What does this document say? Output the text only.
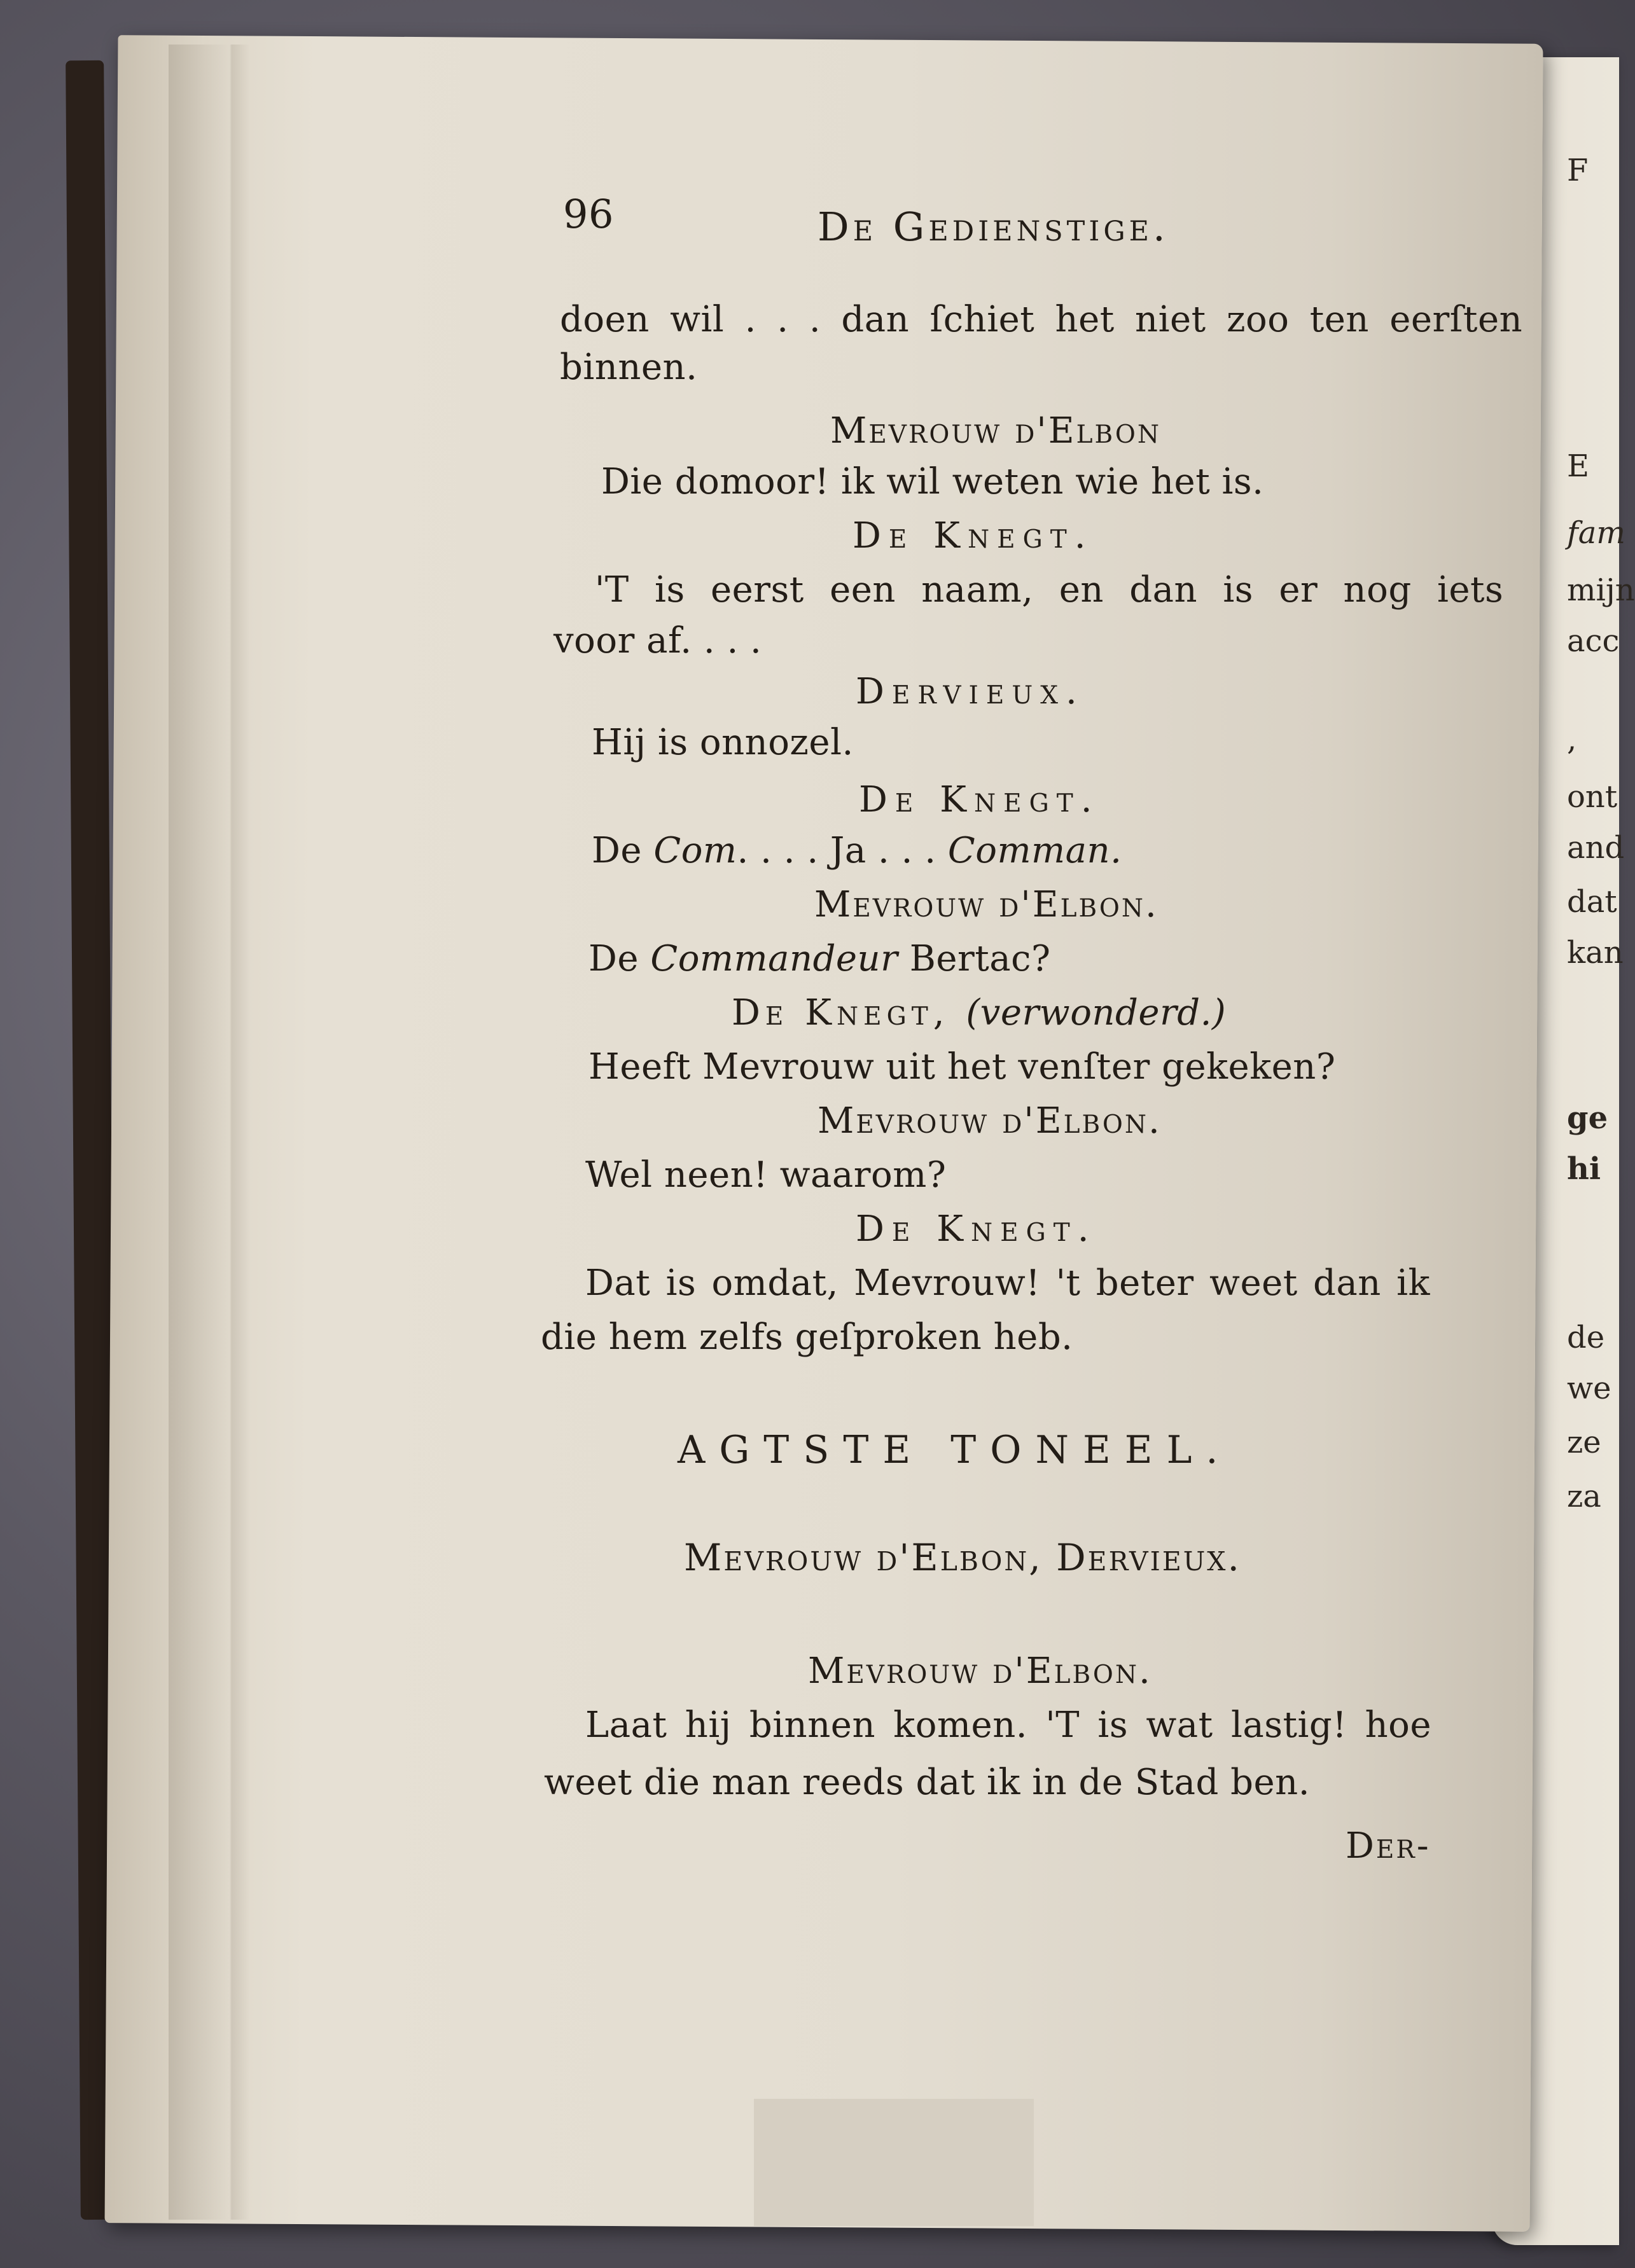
F
E
fam
mijn
acc
,
ont
and
dat
kan
ge
hi
de
we
ze
za
96	De Gedienstige.
doen wil . . . dan ſchiet het niet zoo ten eerſten
binnen.
Mevrouw d'Elbon
Die domoor! ik wil weten wie het is.
De Knegt.
'T is eerst een naam, en dan is er nog iets
voor af. . . .
Dervieux.
Hij is onnozel.
De Knegt.
De Com. . . . Ja . . . Comman.
Mevrouw d'Elbon.
De Commandeur Bertac?
De Knegt, (verwonderd.)
Heeft Mevrouw uit het venſter gekeken?
Mevrouw d'Elbon.
Wel neen! waarom?
De Knegt.
Dat is omdat, Mevrouw! 't beter weet dan ik
die hem zelfs geſproken heb.
AGTSTE TONEEL.
Mevrouw d'Elbon, Dervieux.
Mevrouw d'Elbon.
Laat hij binnen komen. 'T is wat lastig! hoe
weet die man reeds dat ik in de Stad ben.
Der-
